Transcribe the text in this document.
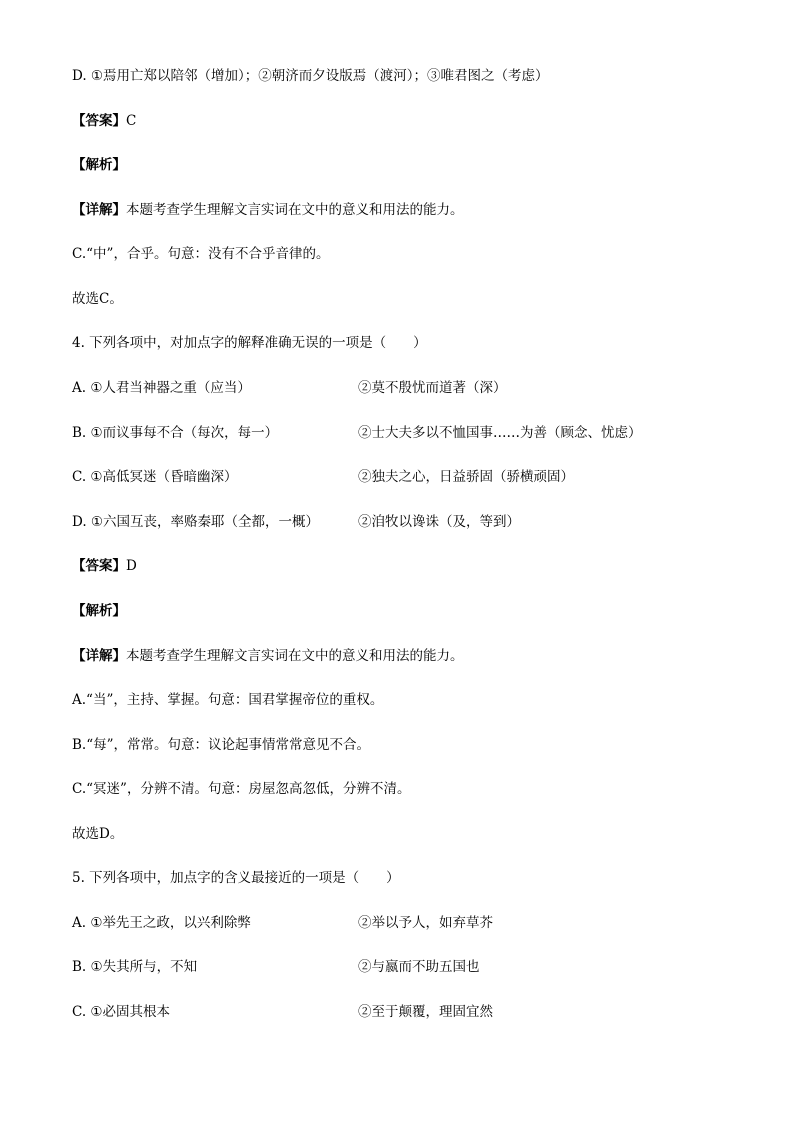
D. ①焉用亡郑以陪邻（增加）；②朝济而夕设版焉（渡河）；③唯君图之（考虑）
【答案】C
【解析】
【详解】本题考查学生理解文言实词在文中的意义和用法的能力。
C.“中”，合乎。句意：没有不合乎音律的。
故选C。
4. 下列各项中，对加点字的解释准确无误的一项是（　　）
A. ①人君当神器之重（应当）	②莫不殷忧而道著（深）
B. ①而议事每不合（每次，每一）	②士大夫多以不恤国事……为善（顾念、忧虑）
C. ①高低冥迷（昏暗幽深）	②独夫之心，日益骄固（骄横顽固）
D. ①六国互丧，率赂秦耶（全都，一概）	②洎牧以谗诛（及，等到）
【答案】D
【解析】
【详解】本题考查学生理解文言实词在文中的意义和用法的能力。
A.“当”，主持、掌握。句意：国君掌握帝位的重权。
B.“每”，常常。句意：议论起事情常常意见不合。
C.“冥迷”，分辨不清。句意：房屋忽高忽低，分辨不清。
故选D。
5. 下列各项中，加点字的含义最接近的一项是（　　）
A. ①举先王之政，以兴利除弊	②举以予人，如弃草芥
B. ①失其所与，不知	②与嬴而不助五国也
C. ①必固其根本	②至于颠覆，理固宜然
